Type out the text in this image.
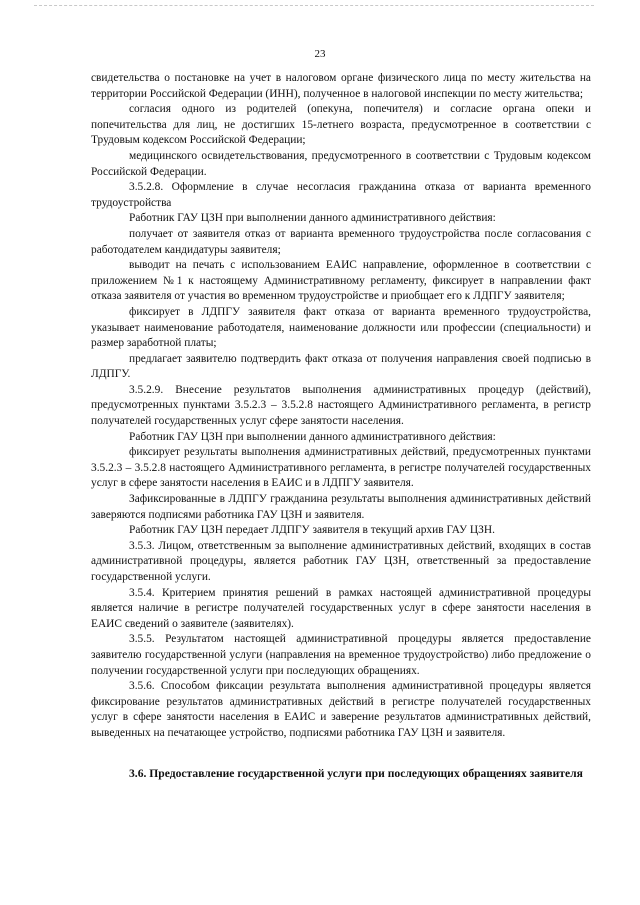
23

свидетельства о постановке на учет в налоговом органе физического лица по месту жительства на территории Российской Федерации (ИНН), полученное в налоговой инспекции по месту жительства;

согласия одного из родителей (опекуна, попечителя) и согласие органа опеки и попечительства для лиц, не достигших 15-летнего возраста, предусмотренное в соответствии с Трудовым кодексом Российской Федерации;

медицинского освидетельствования, предусмотренного в соответствии с Трудовым кодексом Российской Федерации.

3.5.2.8. Оформление в случае несогласия гражданина отказа от варианта временного трудоустройства

Работник ГАУ ЦЗН при выполнении данного административного действия:

получает от заявителя отказ от варианта временного трудоустройства после согласования с работодателем кандидатуры заявителя;

выводит на печать с использованием ЕАИС направление, оформленное в соответствии с приложением №1 к настоящему Административному регламенту, фиксирует в направлении факт отказа заявителя от участия во временном трудоустройстве и приобщает его к ЛДПГУ заявителя;

фиксирует в ЛДПГУ заявителя факт отказа от варианта временного трудоустройства, указывает наименование работодателя, наименование должности или профессии (специальности) и размер заработной платы;

предлагает заявителю подтвердить факт отказа от получения направления своей подписью в ЛДПГУ.

3.5.2.9. Внесение результатов выполнения административных процедур (действий), предусмотренных пунктами 3.5.2.3 – 3.5.2.8 настоящего Административного регламента, в регистр получателей государственных услуг сфере занятости населения.

Работник ГАУ ЦЗН при выполнении данного административного действия:

фиксирует результаты выполнения административных действий, предусмотренных пунктами 3.5.2.3 – 3.5.2.8 настоящего Административного регламента, в регистре получателей государственных услуг в сфере занятости населения в ЕАИС и в ЛДПГУ заявителя.

Зафиксированные в ЛДПГУ гражданина результаты выполнения административных действий заверяются подписями работника ГАУ ЦЗН и заявителя.

Работник ГАУ ЦЗН передает ЛДПГУ заявителя в текущий архив ГАУ ЦЗН.

3.5.3. Лицом, ответственным за выполнение административных действий, входящих в состав административной процедуры, является работник ГАУ ЦЗН, ответственный за предоставление государственной услуги.

3.5.4. Критерием принятия решений в рамках настоящей административной процедуры является наличие в регистре получателей государственных услуг в сфере занятости населения в ЕАИС сведений о заявителе (заявителях).

3.5.5. Результатом настоящей административной процедуры является предоставление заявителю государственной услуги (направления на временное трудоустройство) либо предложение о получении государственной услуги при последующих обращениях.

3.5.6. Способом фиксации результата выполнения административной процедуры является фиксирование результатов административных действий в регистре получателей государственных услуг в сфере занятости населения в ЕАИС и заверение результатов административных действий, выведенных на печатающее устройство, подписями работника ГАУ ЦЗН и заявителя.

3.6. Предоставление государственной услуги при последующих обращениях заявителя
